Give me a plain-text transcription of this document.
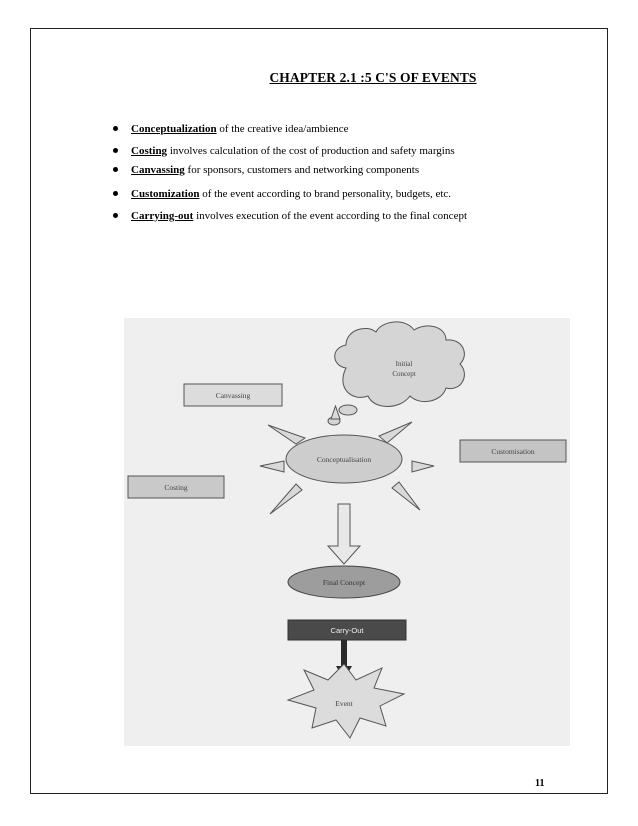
CHAPTER 2.1 :5 C'S OF EVENTS
Conceptualization of the creative idea/ambience
Costing involves calculation of the cost of production and safety margins
Canvassing for sponsors, customers and networking components
Customization of the event according to brand personality, budgets, etc.
Carrying-out involves execution of the event according to the final concept
Initial
Concept
Canvassing
Costing
Customisation
Conceptualisation
Final Concept
Carry-Out
Event
11
